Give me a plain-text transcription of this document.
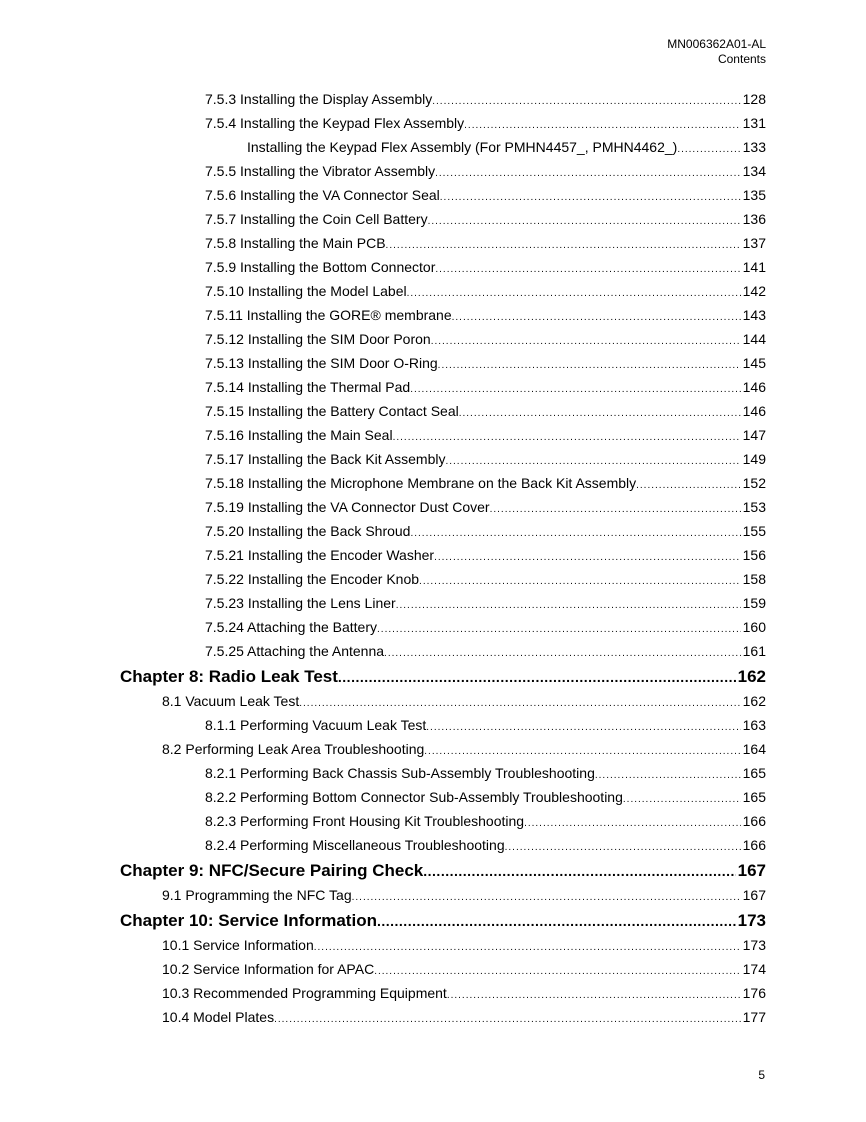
MN006362A01-AL
Contents
7.5.3 Installing the Display Assembly .....	128
7.5.4 Installing the Keypad Flex Assembly .....	131
Installing the Keypad Flex Assembly (For PMHN4457_, PMHN4462_) .....	133
7.5.5 Installing the Vibrator Assembly .....	134
7.5.6 Installing the VA Connector Seal .....	135
7.5.7 Installing the Coin Cell Battery .....	136
7.5.8 Installing the Main PCB .....	137
7.5.9 Installing the Bottom Connector .....	141
7.5.10 Installing the Model Label .....	142
7.5.11 Installing the GORE® membrane .....	143
7.5.12 Installing the SIM Door Poron .....	144
7.5.13 Installing the SIM Door O-Ring .....	145
7.5.14 Installing the Thermal Pad .....	146
7.5.15 Installing the Battery Contact Seal .....	146
7.5.16 Installing the Main Seal .....	147
7.5.17 Installing the Back Kit Assembly .....	149
7.5.18 Installing the Microphone Membrane on the Back Kit Assembly .....	152
7.5.19 Installing the VA Connector Dust Cover .....	153
7.5.20 Installing the Back Shroud .....	155
7.5.21 Installing the Encoder Washer .....	156
7.5.22 Installing the Encoder Knob .....	158
7.5.23 Installing the Lens Liner .....	159
7.5.24 Attaching the Battery .....	160
7.5.25 Attaching the Antenna .....	161
Chapter 8: Radio Leak Test .....	162
8.1 Vacuum Leak Test .....	162
8.1.1 Performing Vacuum Leak Test .....	163
8.2 Performing Leak Area Troubleshooting .....	164
8.2.1 Performing Back Chassis Sub-Assembly Troubleshooting .....	165
8.2.2 Performing Bottom Connector Sub-Assembly Troubleshooting .....	165
8.2.3 Performing Front Housing Kit Troubleshooting .....	166
8.2.4 Performing Miscellaneous Troubleshooting .....	166
Chapter 9: NFC/Secure Pairing Check .....	167
9.1 Programming the NFC Tag .....	167
Chapter 10: Service Information .....	173
10.1 Service Information .....	173
10.2 Service Information for APAC .....	174
10.3 Recommended Programming Equipment .....	176
10.4 Model Plates .....	177
5
